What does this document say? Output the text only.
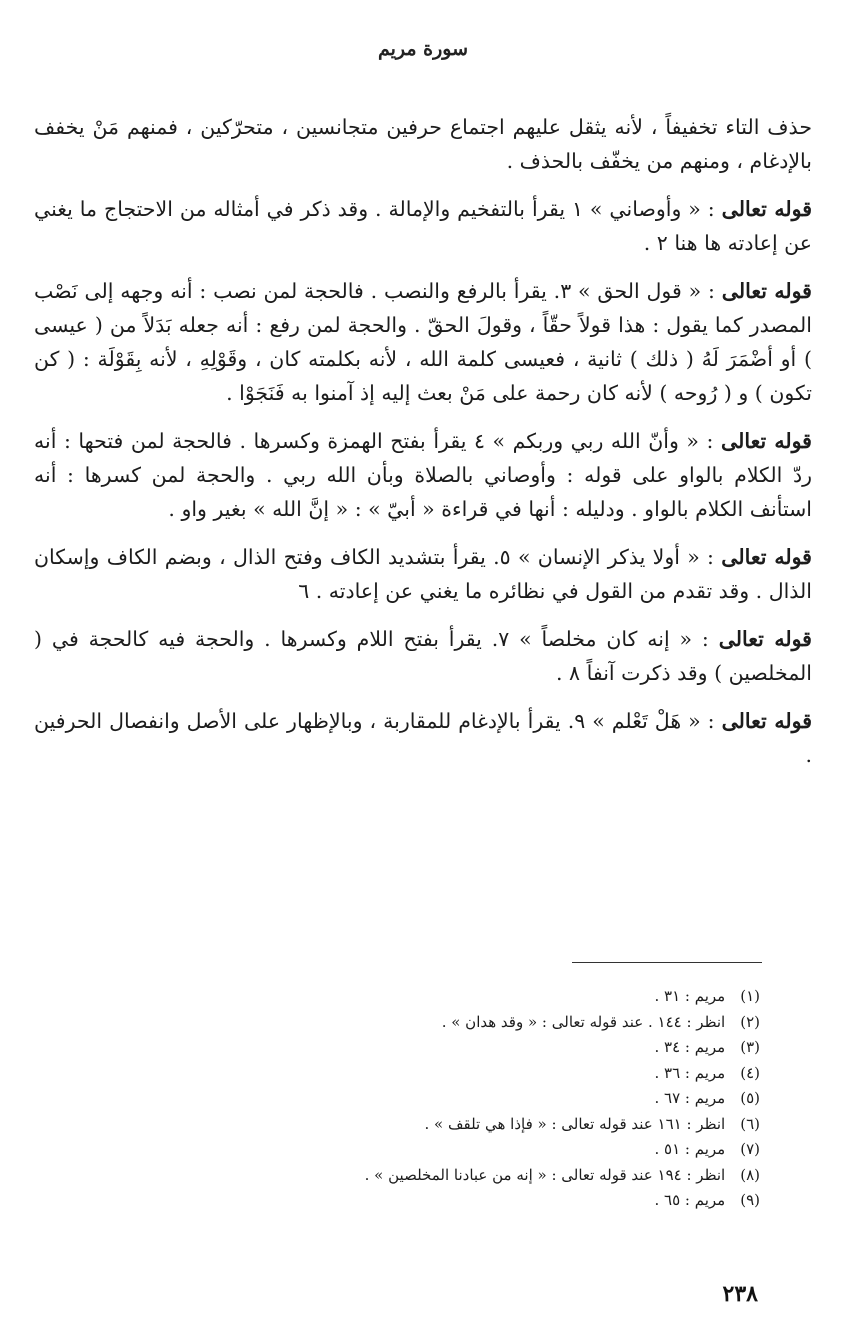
سورة مريم

حذف التاء تخفيفاً ، لأنه يثقل عليهم اجتماع حرفين متجانسين ، متحرّكين ، فمنهم مَنْ يخفف بالإدغام ، ومنهم من يخفّف بالحذف .

قوله تعالى : « وأوصاني » ١ يقرأ بالتفخيم والإمالة . وقد ذكر في أمثاله من الاحتجاج ما يغني عن إعادته ها هنا ٢ .

قوله تعالى : « قول الحق » ٣. يقرأ بالرفع والنصب . فالحجة لمن نصب : أنه وجهه إلى نَصْب المصدر كما يقول : هذا قولاً حقّاً ، وقولَ الحقّ . والحجة لمن رفع : أنه جعله بَدَلاً من ( عيسى ) أو أضْمَرَ لَهُ ( ذلك ) ثانية ، فعيسى كلمة الله ، لأنه بكلمته كان ، وقَوْلِهِ ، لأنه بِقَوْلَة : ( كن تكون ) و ( رُوحه ) لأنه كان رحمة على مَنْ بعث إليه إذ آمنوا به فَنَجَوْا .

قوله تعالى : « وأنّ الله ربي وربكم » ٤ يقرأ بفتح الهمزة وكسرها . فالحجة لمن فتحها : أنه ردّ الكلام بالواو على قوله : وأوصاني بالصلاة وبأن الله ربي . والحجة لمن كسرها : أنه استأنف الكلام بالواو . ودليله : أنها في قراءة « أبيّ » : « إنَّ الله » بغير واو .

قوله تعالى : « أولا يذكر الإنسان » ٥. يقرأ بتشديد الكاف وفتح الذال ، وبضم الكاف وإسكان الذال . وقد تقدم من القول في نظائره ما يغني عن إعادته . ٦

قوله تعالى : « إنه كان مخلصاً » ٧. يقرأ بفتح اللام وكسرها . والحجة فيه كالحجة في ( المخلصين ) وقد ذكرت آنفاً ٨ .

قوله تعالى : « هَلْ تَعْلم » ٩. يقرأ بالإدغام للمقاربة ، وبالإظهار على الأصل وانفصال الحرفين .

(١) مريم : ٣١ .
(٢) انظر : ١٤٤ . عند قوله تعالى : « وقد هدان » .
(٣) مريم : ٣٤ .
(٤) مريم : ٣٦ .
(٥) مريم : ٦٧ .
(٦) انظر : ١٦١ عند قوله تعالى : « فإذا هي تلقف » .
(٧) مريم : ٥١ .
(٨) انظر : ١٩٤ عند قوله تعالى : « إنه من عبادنا المخلصين » .
(٩) مريم : ٦٥ .
٢٣٨
